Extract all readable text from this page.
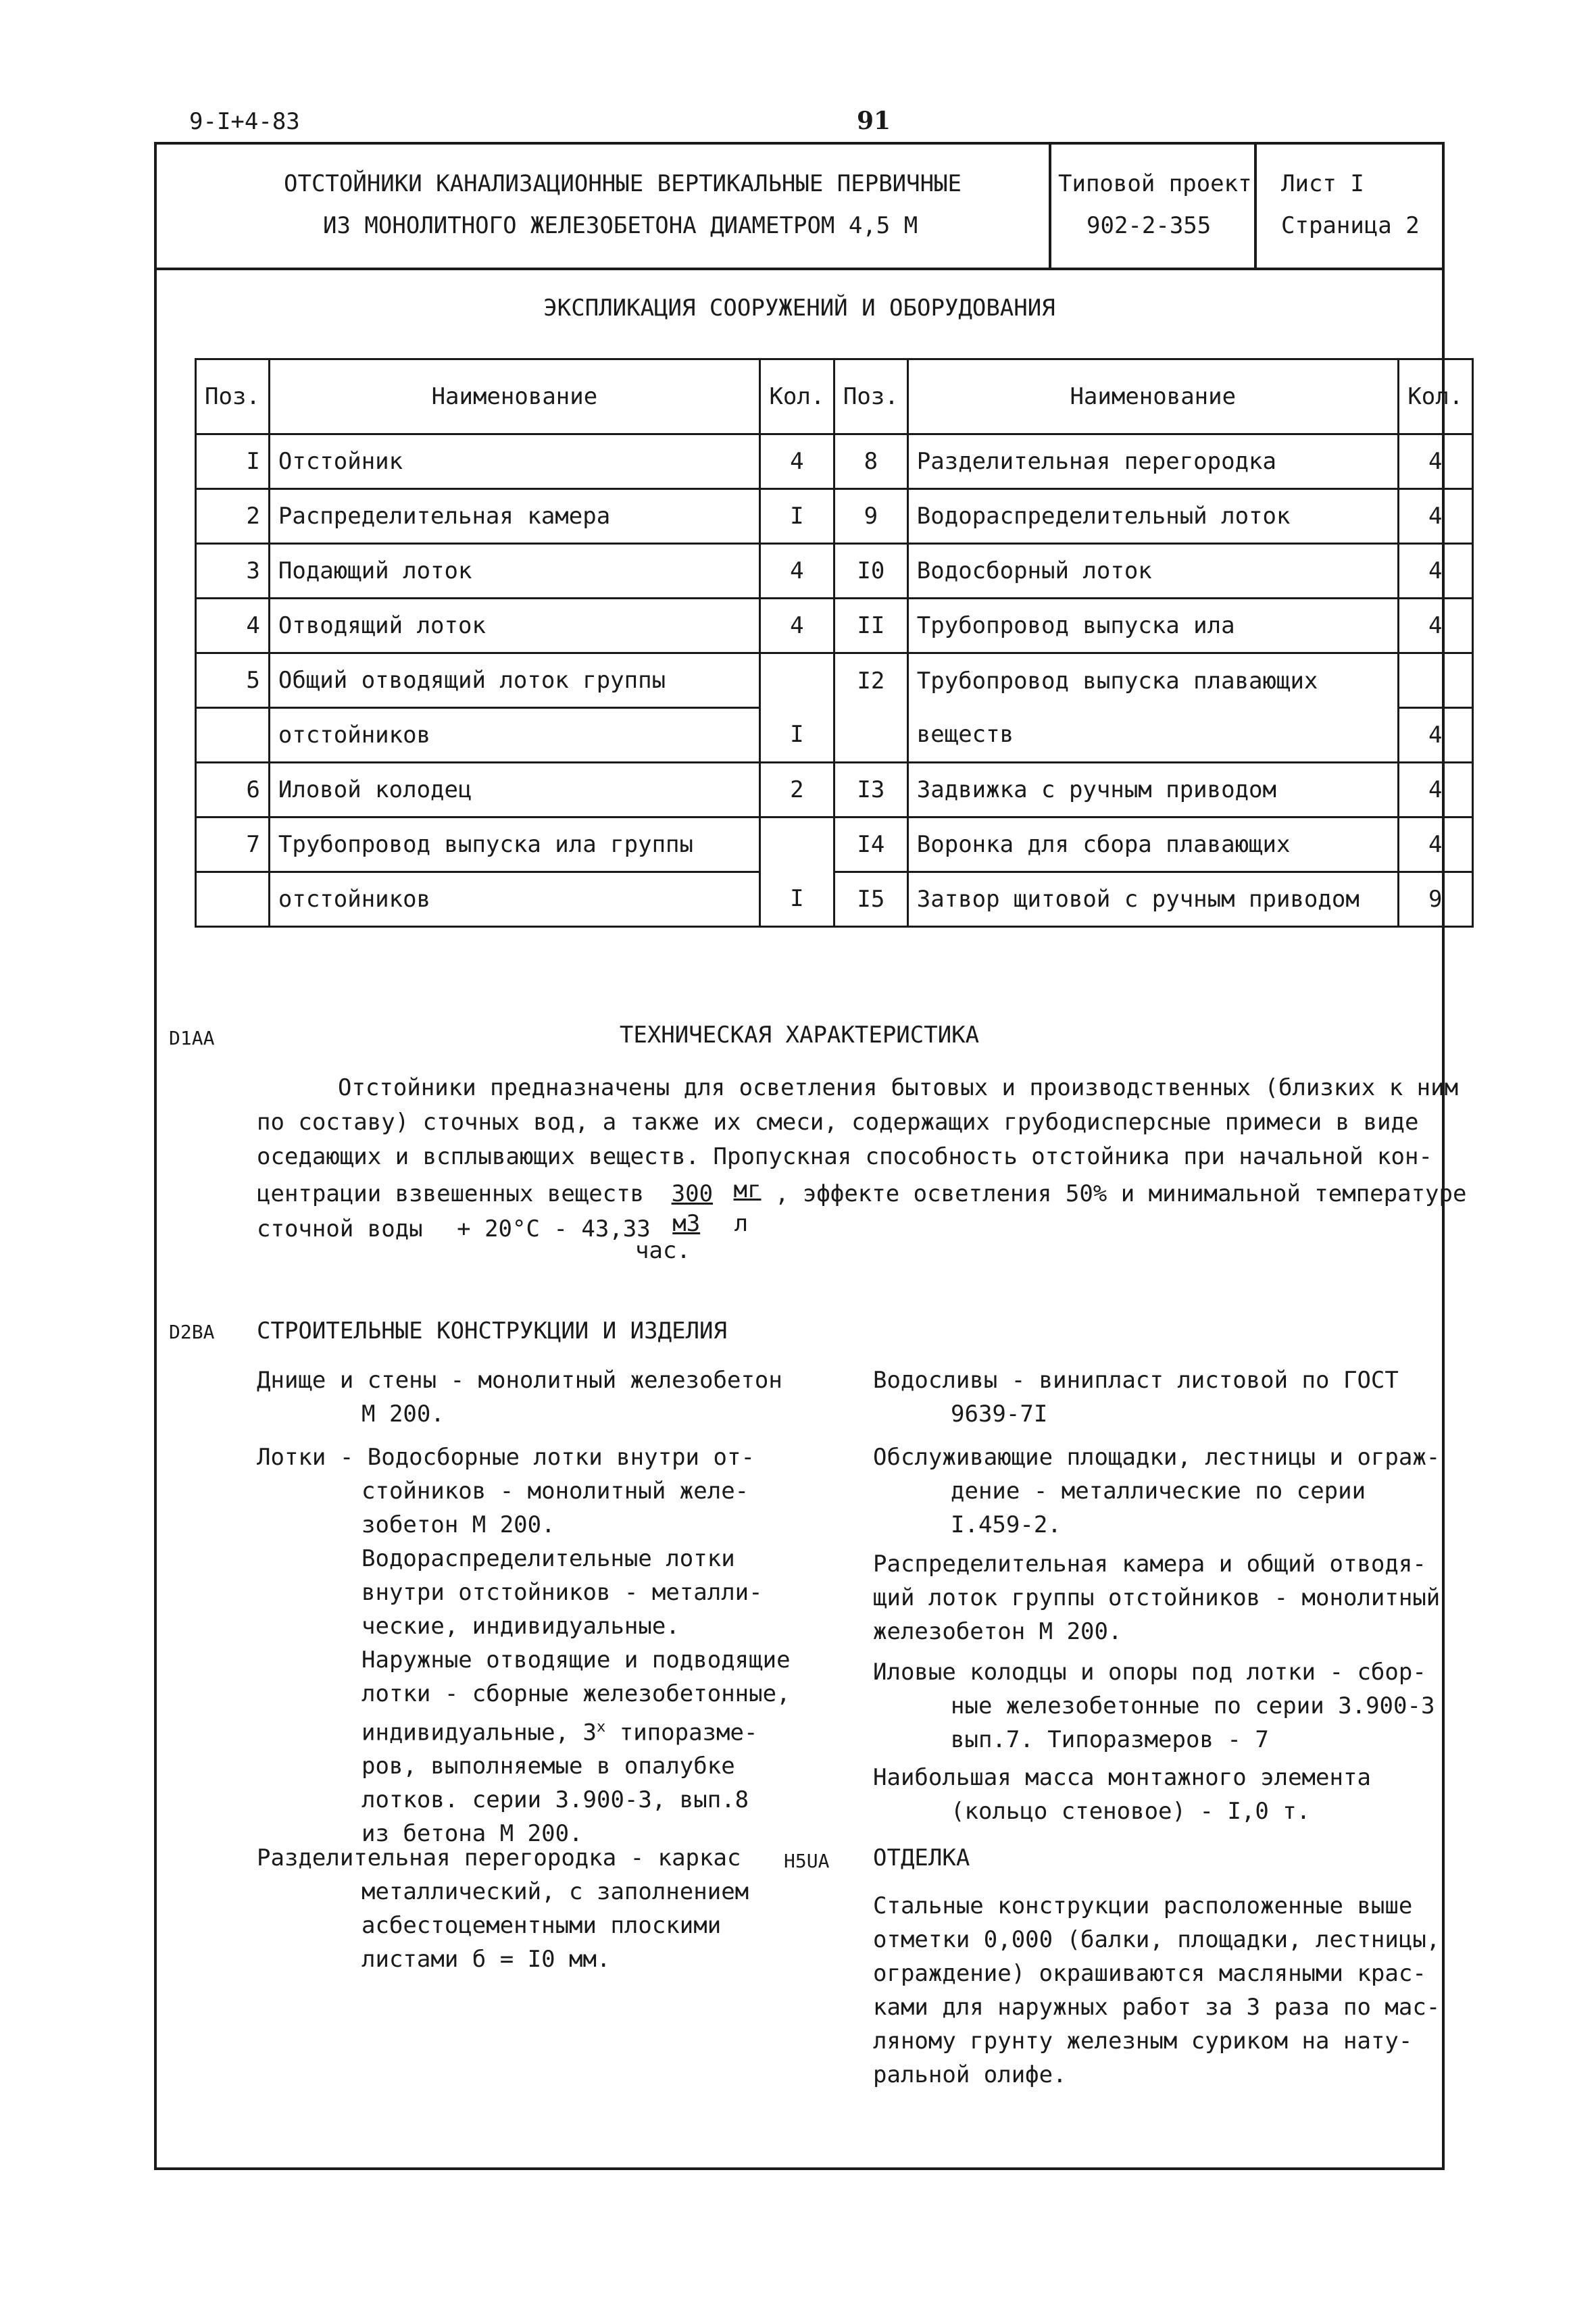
9-I+4-83	91
ОТСТОЙНИКИ КАНАЛИЗАЦИОННЫЕ ВЕРТИКАЛЬНЫЕ ПЕРВИЧНЫЕ
ИЗ МОНОЛИТНОГО ЖЕЛЕЗОБЕТОНА ДИАМЕТРОМ 4,5 М
Типовой проект
902-2-355
Лист I
Страница 2
ЭКСПЛИКАЦИЯ СООРУЖЕНИЙ И ОБОРУДОВАНИЯ
Поз.	Наименование	Кол.	Поз.	Наименование	Кол.
I	Отстойник	4	8	Разделительная перегородка	4
2	Распределительная камера	I	9	Водораспределительный лоток	4
3	Подающий лоток	4	I0	Водосборный лоток	4
4	Отводящий лоток	4	II	Трубопровод выпуска ила	4
5	Общий отводящий лоток группы		I2	Трубопровод выпуска плавающих	
	отстойников	I		веществ	4
6	Иловой колодец	2	I3	Задвижка с ручным приводом	4
7	Трубопровод выпуска ила группы		I4	Воронка для сбора плавающих	4
	отстойников	I	I5	Затвор щитовой с ручным приводом	9
D1AA	ТЕХНИЧЕСКАЯ ХАРАКТЕРИСТИКА
Отстойники предназначены для осветления бытовых и производственных (близких к ним
по составу) сточных вод, а также их смеси, содержащих грубодисперсные примеси в виде
оседающих и всплывающих веществ. Пропускная способность отстойника при начальной кон-
центрации взвешенных веществ 300 мг , эффекте осветления 50% и минимальной температуре
сточной воды + 20°С - 43,33 м3 л
час.
D2BA СТРОИТЕЛЬНЫЕ КОНСТРУКЦИИ И ИЗДЕЛИЯ
Днище и стены - монолитный железобетон
М 200.
Лотки - Водосборные лотки внутри от-
стойников - монолитный желе-
зобетон М 200.
Водораспределительные лотки
внутри отстойников - металли-
ческие, индивидуальные.
Наружные отводящие и подводящие
лотки - сборные железобетонные,
индивидуальные, $3^х$ типоразме-
ров, выполняемые в опалубке
лотков. серии 3.900-3, вып.8
из бетона М 200.
Разделительная перегородка - каркас
металлический, с заполнением
асбестоцементными плоскими
листами б = I0 мм.
Водосливы - винипласт листовой по ГОСТ
9639-7I
Обслуживающие площадки, лестницы и ограж-
дение - металлические по серии
I.459-2.
Распределительная камера и общий отводя-
щий лоток группы отстойников - монолитный
железобетон М 200.
Иловые колодцы и опоры под лотки - сбор-
ные железобетонные по серии 3.900-3
вып.7. Типоразмеров - 7
Наибольшая масса монтажного элемента
(кольцо стеновое) - I,0 т.
H5UA ОТДЕЛКА
Стальные конструкции расположенные выше
отметки 0,000 (балки, площадки, лестницы,
ограждение) окрашиваются масляными крас-
ками для наружных работ за 3 раза по мас-
ляному грунту железным суриком на нату-
ральной олифе.
